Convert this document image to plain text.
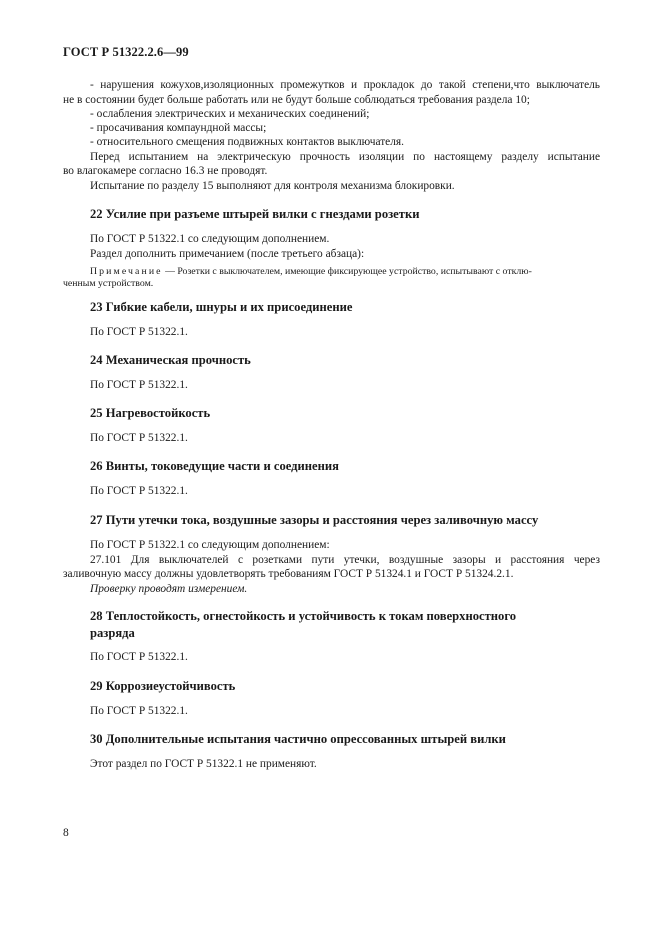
ГОСТ Р 51322.2.6—99
- нарушения кожухов,изоляционных промежутков и прокладок до такой степени,что выключатель
не в состоянии будет больше работать или не будут больше соблюдаться требования раздела 10;
- ослабления электрических и механических соединений;
- просачивания компаундной массы;
- относительного смещения подвижных контактов выключателя.
Перед испытанием на электрическую прочность изоляции по настоящему разделу испытание
во влагокамере согласно 16.3 не проводят.
Испытание по разделу 15 выполняют для контроля механизма блокировки.
22 Усилие при разъеме штырей вилки с гнездами розетки
По ГОСТ Р 51322.1 со следующим дополнением.
Раздел дополнить примечанием (после третьего абзаца):
Примечание — Розетки с выключателем, имеющие фиксирующее устройство, испытывают с отклю-
ченным устройством.
23 Гибкие кабели, шнуры и их присоединение
По ГОСТ Р 51322.1.
24 Механическая прочность
По ГОСТ Р 51322.1.
25 Нагревостойкость
По ГОСТ Р 51322.1.
26 Винты, токоведущие части и соединения
По ГОСТ Р 51322.1.
27 Пути утечки тока, воздушные зазоры и расстояния через заливочную массу
По ГОСТ Р 51322.1 со следующим дополнением:
27.101 Для выключателей с розетками пути утечки, воздушные зазоры и расстояния через
заливочную массу должны удовлетворять требованиям ГОСТ Р 51324.1 и ГОСТ Р 51324.2.1.
Проверку проводят измерением.
28 Теплостойкость, огнестойкость и устойчивость к токам поверхностного
разряда
По ГОСТ Р 51322.1.
29 Коррозиеустойчивость
По ГОСТ Р 51322.1.
30 Дополнительные испытания частично опрессованных штырей вилки
Этот раздел по ГОСТ Р 51322.1 не применяют.
8
